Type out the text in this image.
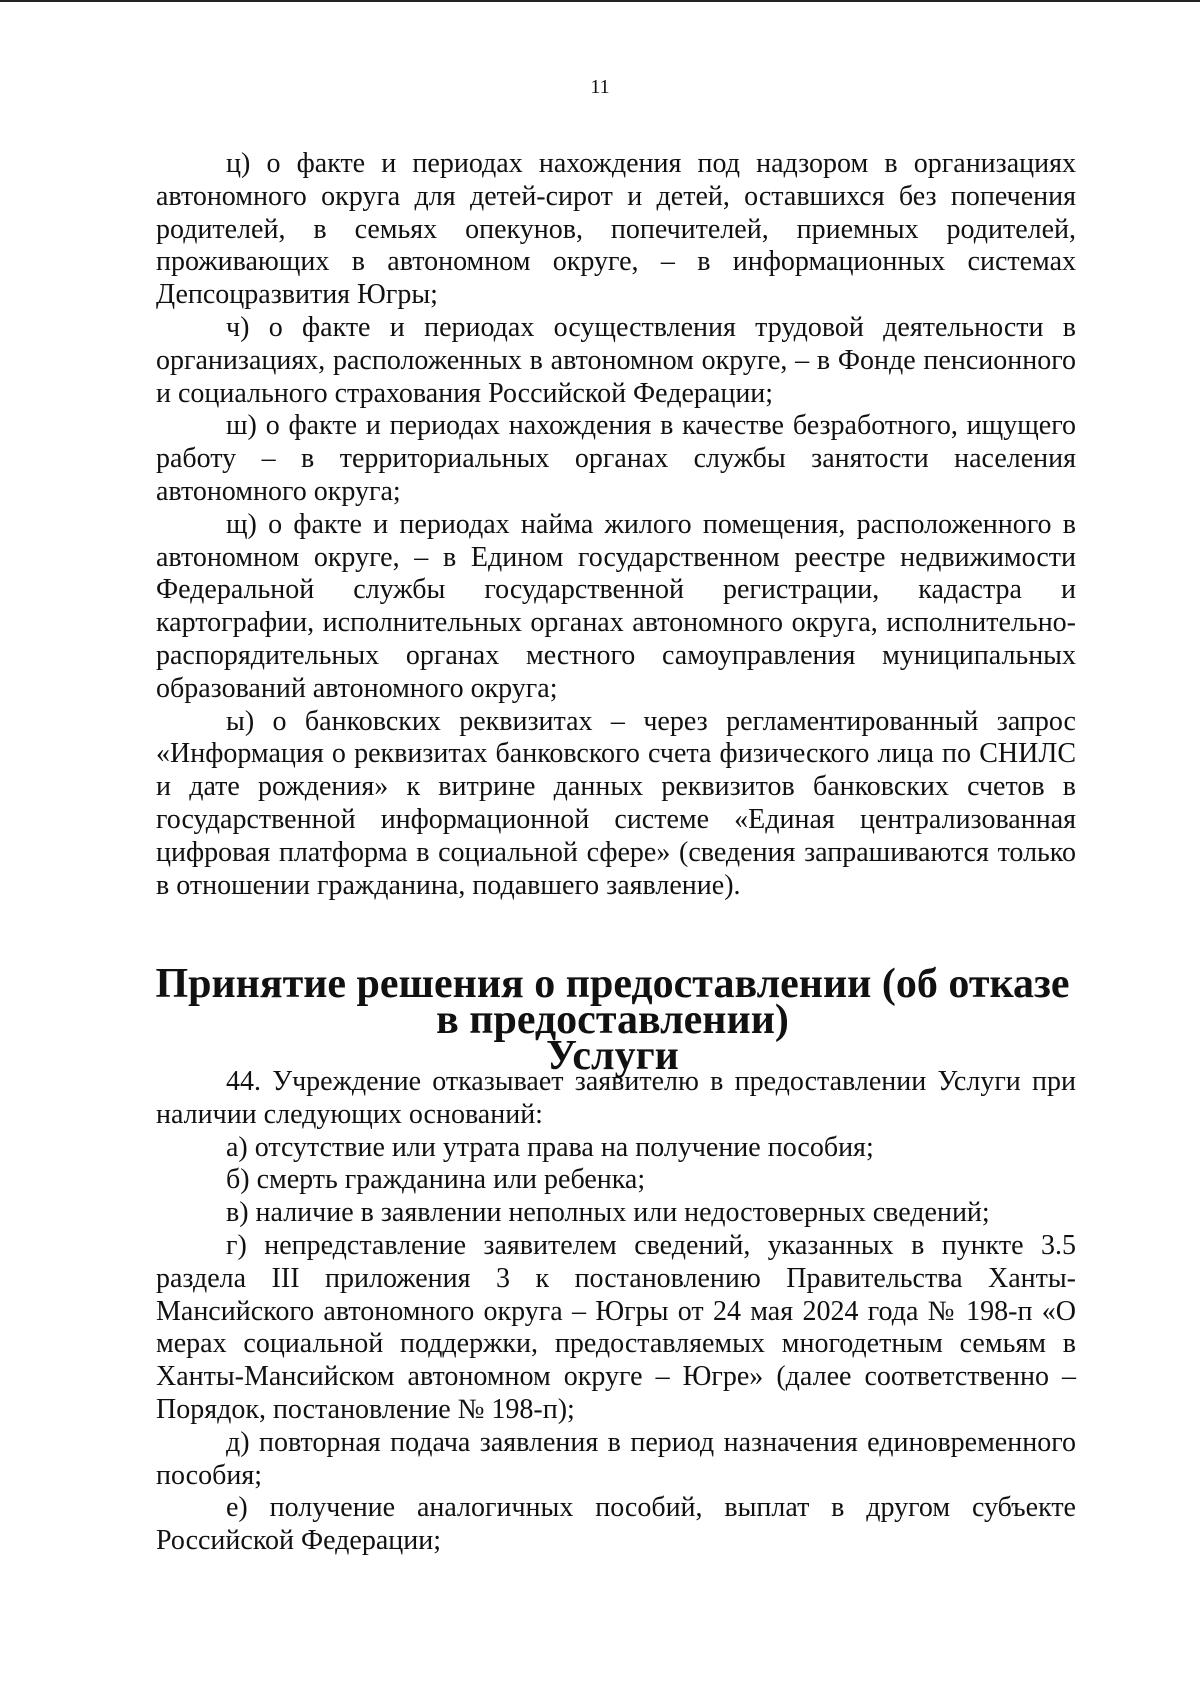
11

ц) о факте и периодах нахождения под надзором в организациях автономного округа для детей-сирот и детей, оставшихся без попечения родителей, в семьях опекунов, попечителей, приемных родителей, проживающих в автономном округе, – в информационных системах Депсоцразвития Югры;

ч) о факте и периодах осуществления трудовой деятельности в организациях, расположенных в автономном округе, – в Фонде пенсионного и социального страхования Российской Федерации;

ш) о факте и периодах нахождения в качестве безработного, ищущего работу – в территориальных органах службы занятости населения автономного округа;

щ) о факте и периодах найма жилого помещения, расположенного в автономном округе, – в Едином государственном реестре недвижимости Федеральной службы государственной регистрации, кадастра и картографии, исполнительных органах автономного округа, исполнительно-распорядительных органах местного самоуправления муниципальных образований автономного округа;

ы) о банковских реквизитах – через регламентированный запрос «Информация о реквизитах банковского счета физического лица по СНИЛС и дате рождения» к витрине данных реквизитов банковских счетов в государственной информационной системе «Единая централизованная цифровая платформа в социальной сфере» (сведения запрашиваются только в отношении гражданина, подавшего заявление).

Принятие решения о предоставлении (об отказе в предоставлении)
Услуги

44. Учреждение отказывает заявителю в предоставлении Услуги при наличии следующих оснований:

а) отсутствие или утрата права на получение пособия;

б) смерть гражданина или ребенка;

в) наличие в заявлении неполных или недостоверных сведений;

г) непредставление заявителем сведений, указанных в пункте 3.5 раздела III приложения 3 к постановлению Правительства Ханты-Мансийского автономного округа – Югры от 24 мая 2024 года № 198-п «О мерах социальной поддержки, предоставляемых многодетным семьям в Ханты-Мансийском автономном округе – Югре» (далее соответственно – Порядок, постановление № 198-п);

д) повторная подача заявления в период назначения единовременного пособия;

е) получение аналогичных пособий, выплат в другом субъекте Российской Федерации;
